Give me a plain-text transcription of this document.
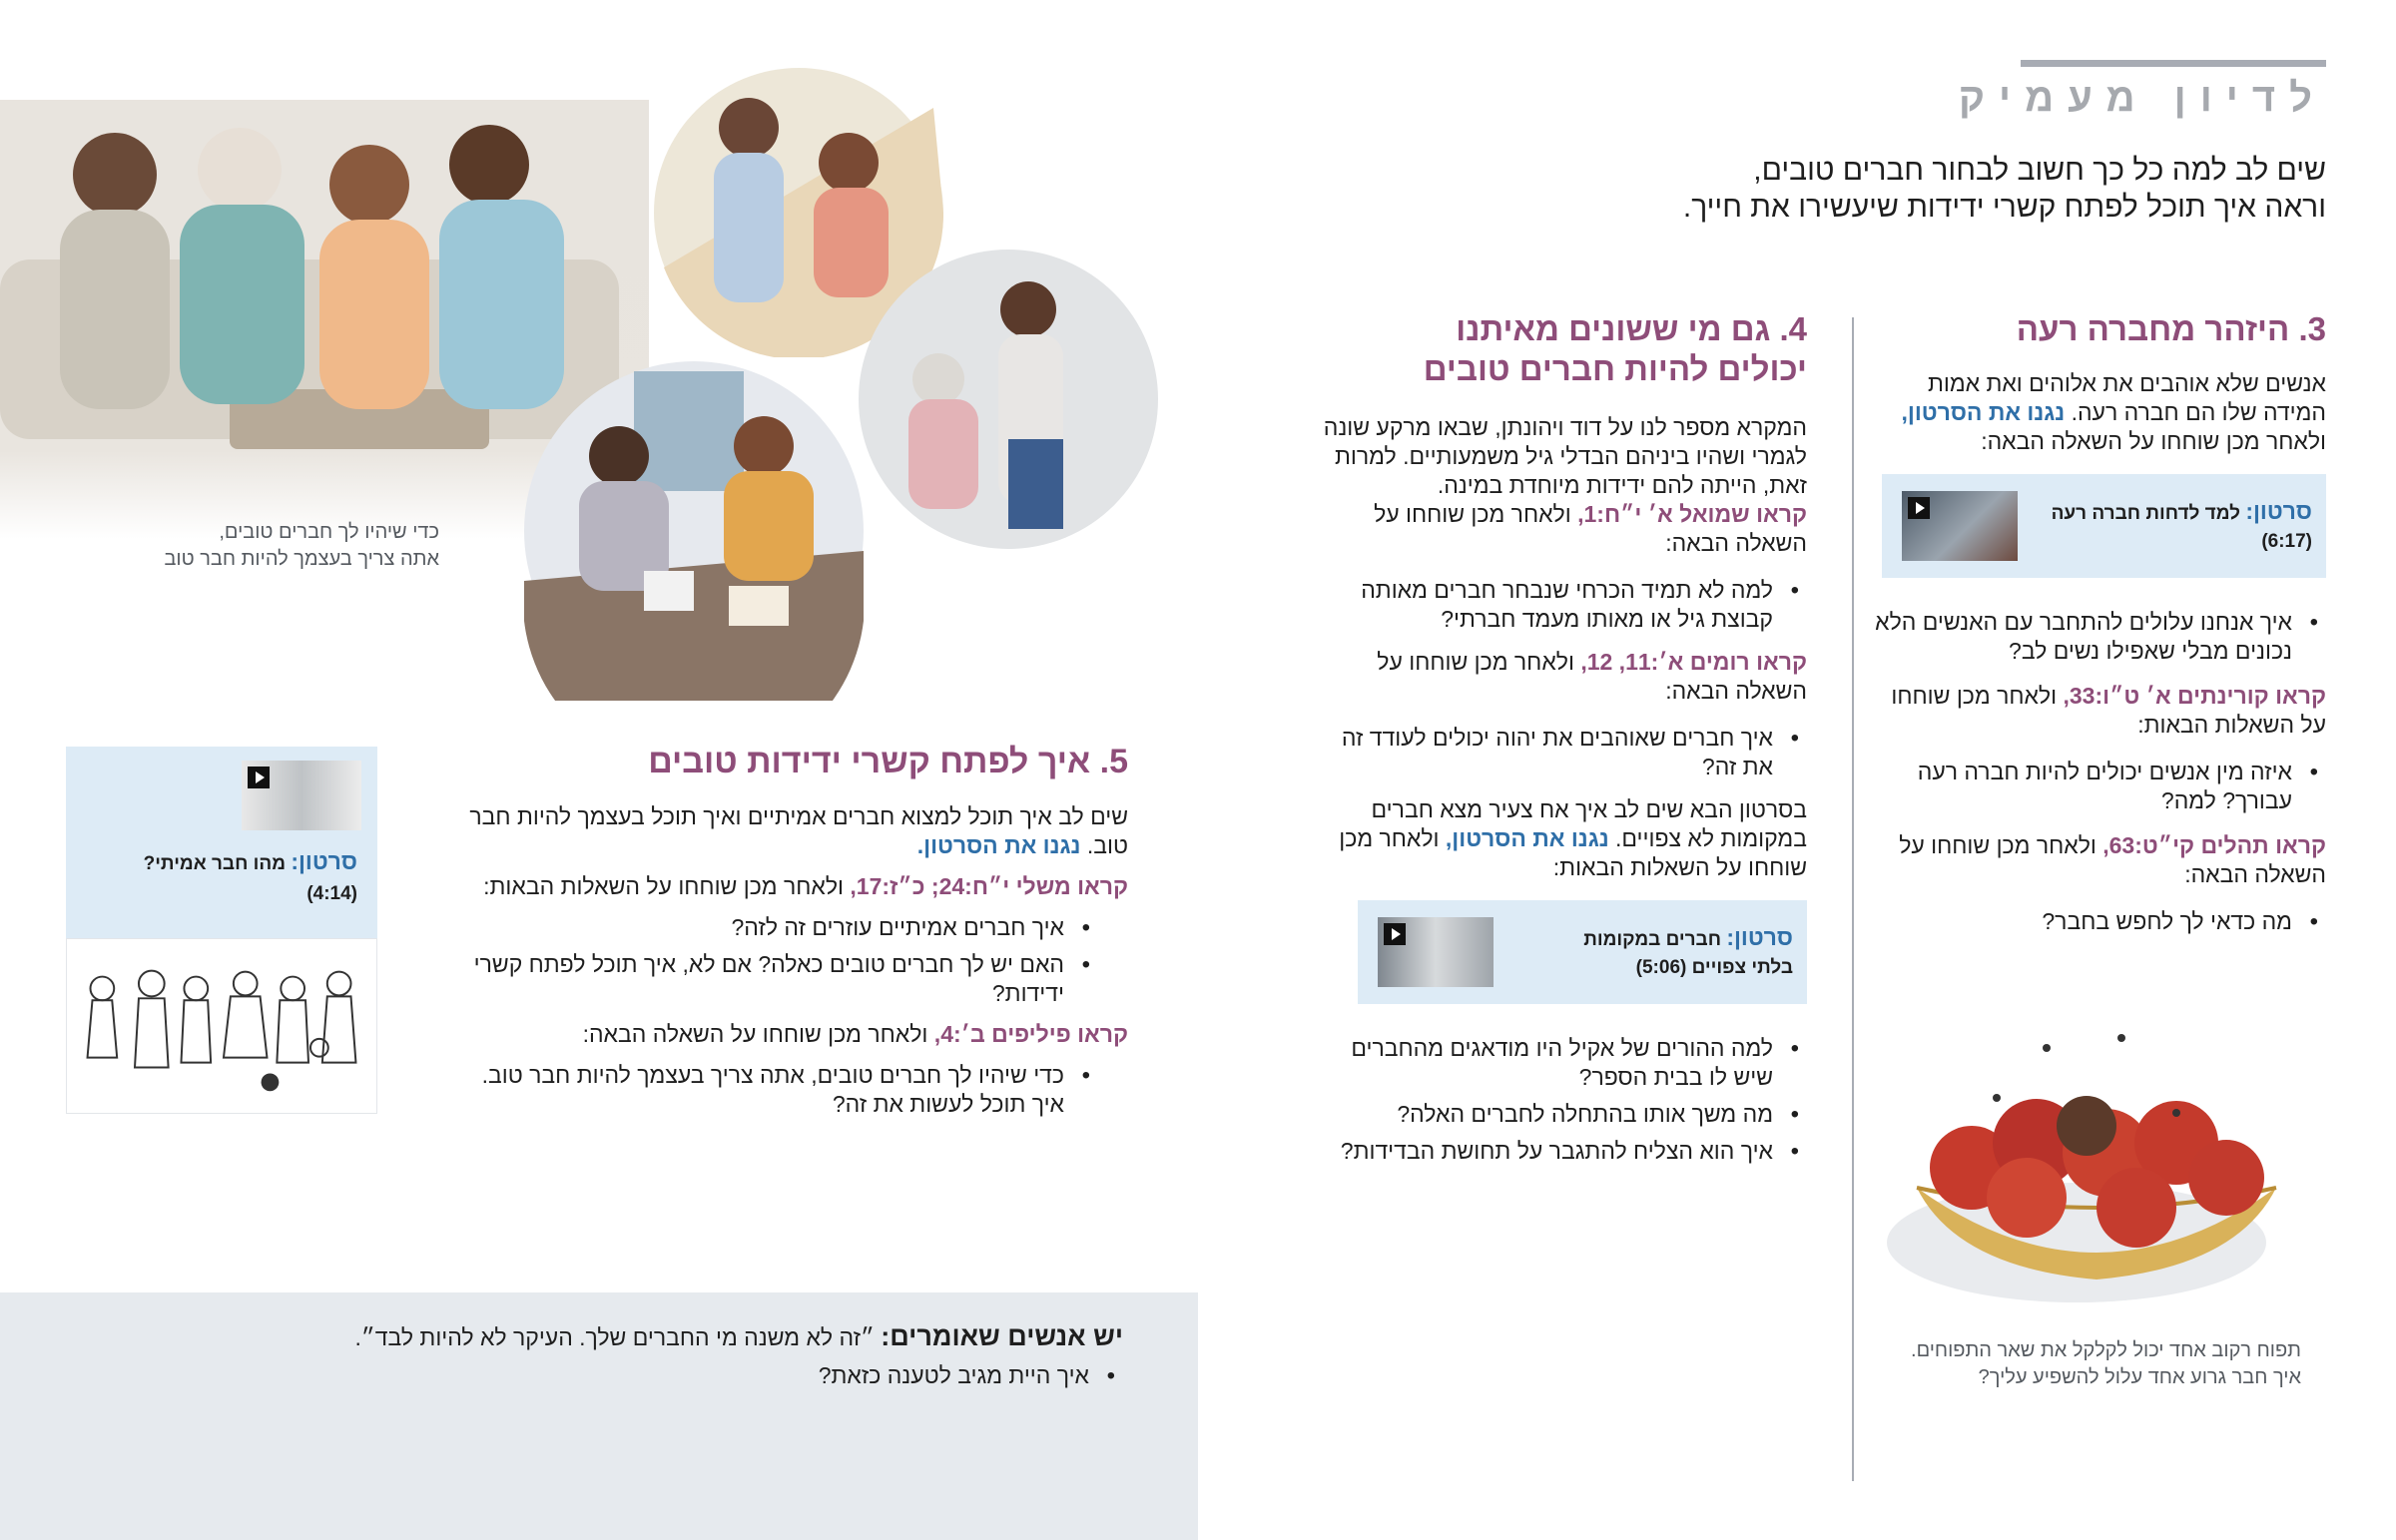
לדיון מעמיק
שים לב למה כל כך חשוב לבחור חברים טובים,
וראה איך תוכל לפתח קשרי ידידות שיעשירו את חייך.
3. היזהר מחברה רעה

אנשים שלא אוהבים את אלוהים ואת אמות המידה שלו הם חברה רעה. נגנו את הסרטון, ולאחר מכן שוחחו על השאלה הבאה:

סרטון: למד לדחות חברה רעה
(6:17)
• איך אנחנו עלולים להתחבר עם האנשים הלא נכונים מבלי שאפילו נשים לב?

קראו קורינתים א׳ ט״ו:33, ולאחר מכן שוחחו על השאלות הבאות:

• איזה מין אנשים יכולים להיות חברה רעה עבורך? למה?

קראו תהלים קי״ט:63, ולאחר מכן שוחחו על השאלה הבאה:

• מה כדאי לך לחפש בחבר?
תפוח רקוב אחד יכול לקלקל את שאר התפוחים.
איך חבר גרוע אחד עלול להשפיע עליך?
4. גם מי ששונים מאיתנו
יכולים להיות חברים טובים

המקרא מספר לנו על דוד ויהונתן, שבאו מרקע שונה לגמרי ושהיו ביניהם הבדלי גיל משמעותיים. למרות זאת, הייתה להם ידידות מיוחדת במינה.

קראו שמואל א׳ י״ח:1, ולאחר מכן שוחחו על השאלה הבאה:

• למה לא תמיד הכרחי שנבחר חברים מאותה קבוצת גיל או מאותו מעמד חברתי?

קראו רומים א׳:11, 12, ולאחר מכן שוחחו על השאלה הבאה:

• איך חברים שאוהבים את יהוה יכולים לעודד זה את זה?

בסרטון הבא שים לב איך אח צעיר מצא חברים במקומות לא צפויים. נגנו את הסרטון, ולאחר מכן שוחחו על השאלות הבאות:

סרטון: חברים במקומות
בלתי צפויים (5:06)
• למה ההורים של אקיל היו מודאגים מהחברים שיש לו בבית הספר?
• מה משך אותו בהתחלה לחברים האלה?
• איך הוא הצליח להתגבר על תחושת הבדידות?
כדי שיהיו לך חברים טובים,
אתה צריך בעצמך להיות חבר טוב
5. איך לפתח קשרי ידידות טובים

שים לב איך תוכל למצוא חברים אמיתיים ואיך תוכל בעצמך להיות חבר טוב. נגנו את הסרטון.

קראו משלי י״ח:24; כ״ז:17, ולאחר מכן שוחחו על השאלות הבאות:

• איך חברים אמיתיים עוזרים זה לזה?
• האם יש לך חברים טובים כאלה? אם לא, איך תוכל לפתח קשרי ידידות?

קראו פיליפים ב׳:4, ולאחר מכן שוחחו על השאלה הבאה:

• כדי שיהיו לך חברים טובים, אתה צריך בעצמך להיות חבר טוב. איך תוכל לעשות את זה?
סרטון: מהו חבר אמיתי?
(4:14)
יש אנשים שאומרים: ״זה לא משנה מי החברים שלך. העיקר לא להיות לבד״.
• איך היית מגיב לטענה כזאת?
